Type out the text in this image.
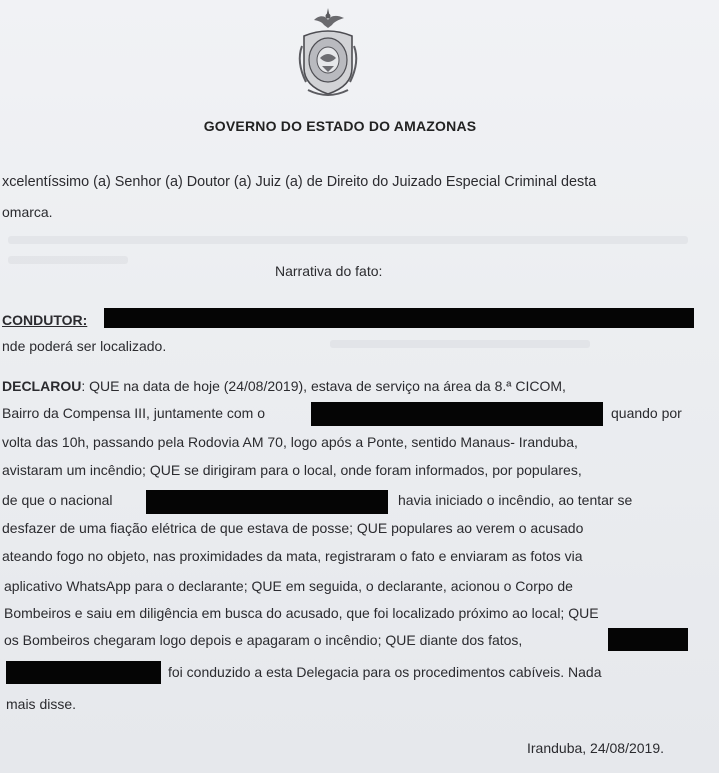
GOVERNO DO ESTADO DO AMAZONAS
xcelentíssimo (a) Senhor (a) Doutor (a) Juiz (a) de Direito do Juizado Especial Criminal desta
omarca.
Narrativa do fato:
CONDUTOR:
nde poderá ser localizado.
DECLAROU: QUE na data de hoje (24/08/2019), estava de serviço na área da 8.ª CICOM,
Bairro da Compensa III, juntamente com o	quando por
volta das 10h, passando pela Rodovia AM 70, logo após a Ponte, sentido Manaus- Iranduba,
avistaram um incêndio; QUE se dirigiram para o local, onde foram informados, por populares,
de que o nacional	havia iniciado o incêndio, ao tentar se
desfazer de uma fiação elétrica de que estava de posse; QUE populares ao verem o acusado
ateando fogo no objeto, nas proximidades da mata, registraram o fato e enviaram as fotos via
aplicativo WhatsApp para o declarante; QUE em seguida, o declarante, acionou o Corpo de
Bombeiros e saiu em diligência em busca do acusado, que foi localizado próximo ao local; QUE
os Bombeiros chegaram logo depois e apagaram o incêndio; QUE diante dos fatos,
foi conduzido a esta Delegacia para os procedimentos cabíveis. Nada
mais disse.
Iranduba, 24/08/2019.
